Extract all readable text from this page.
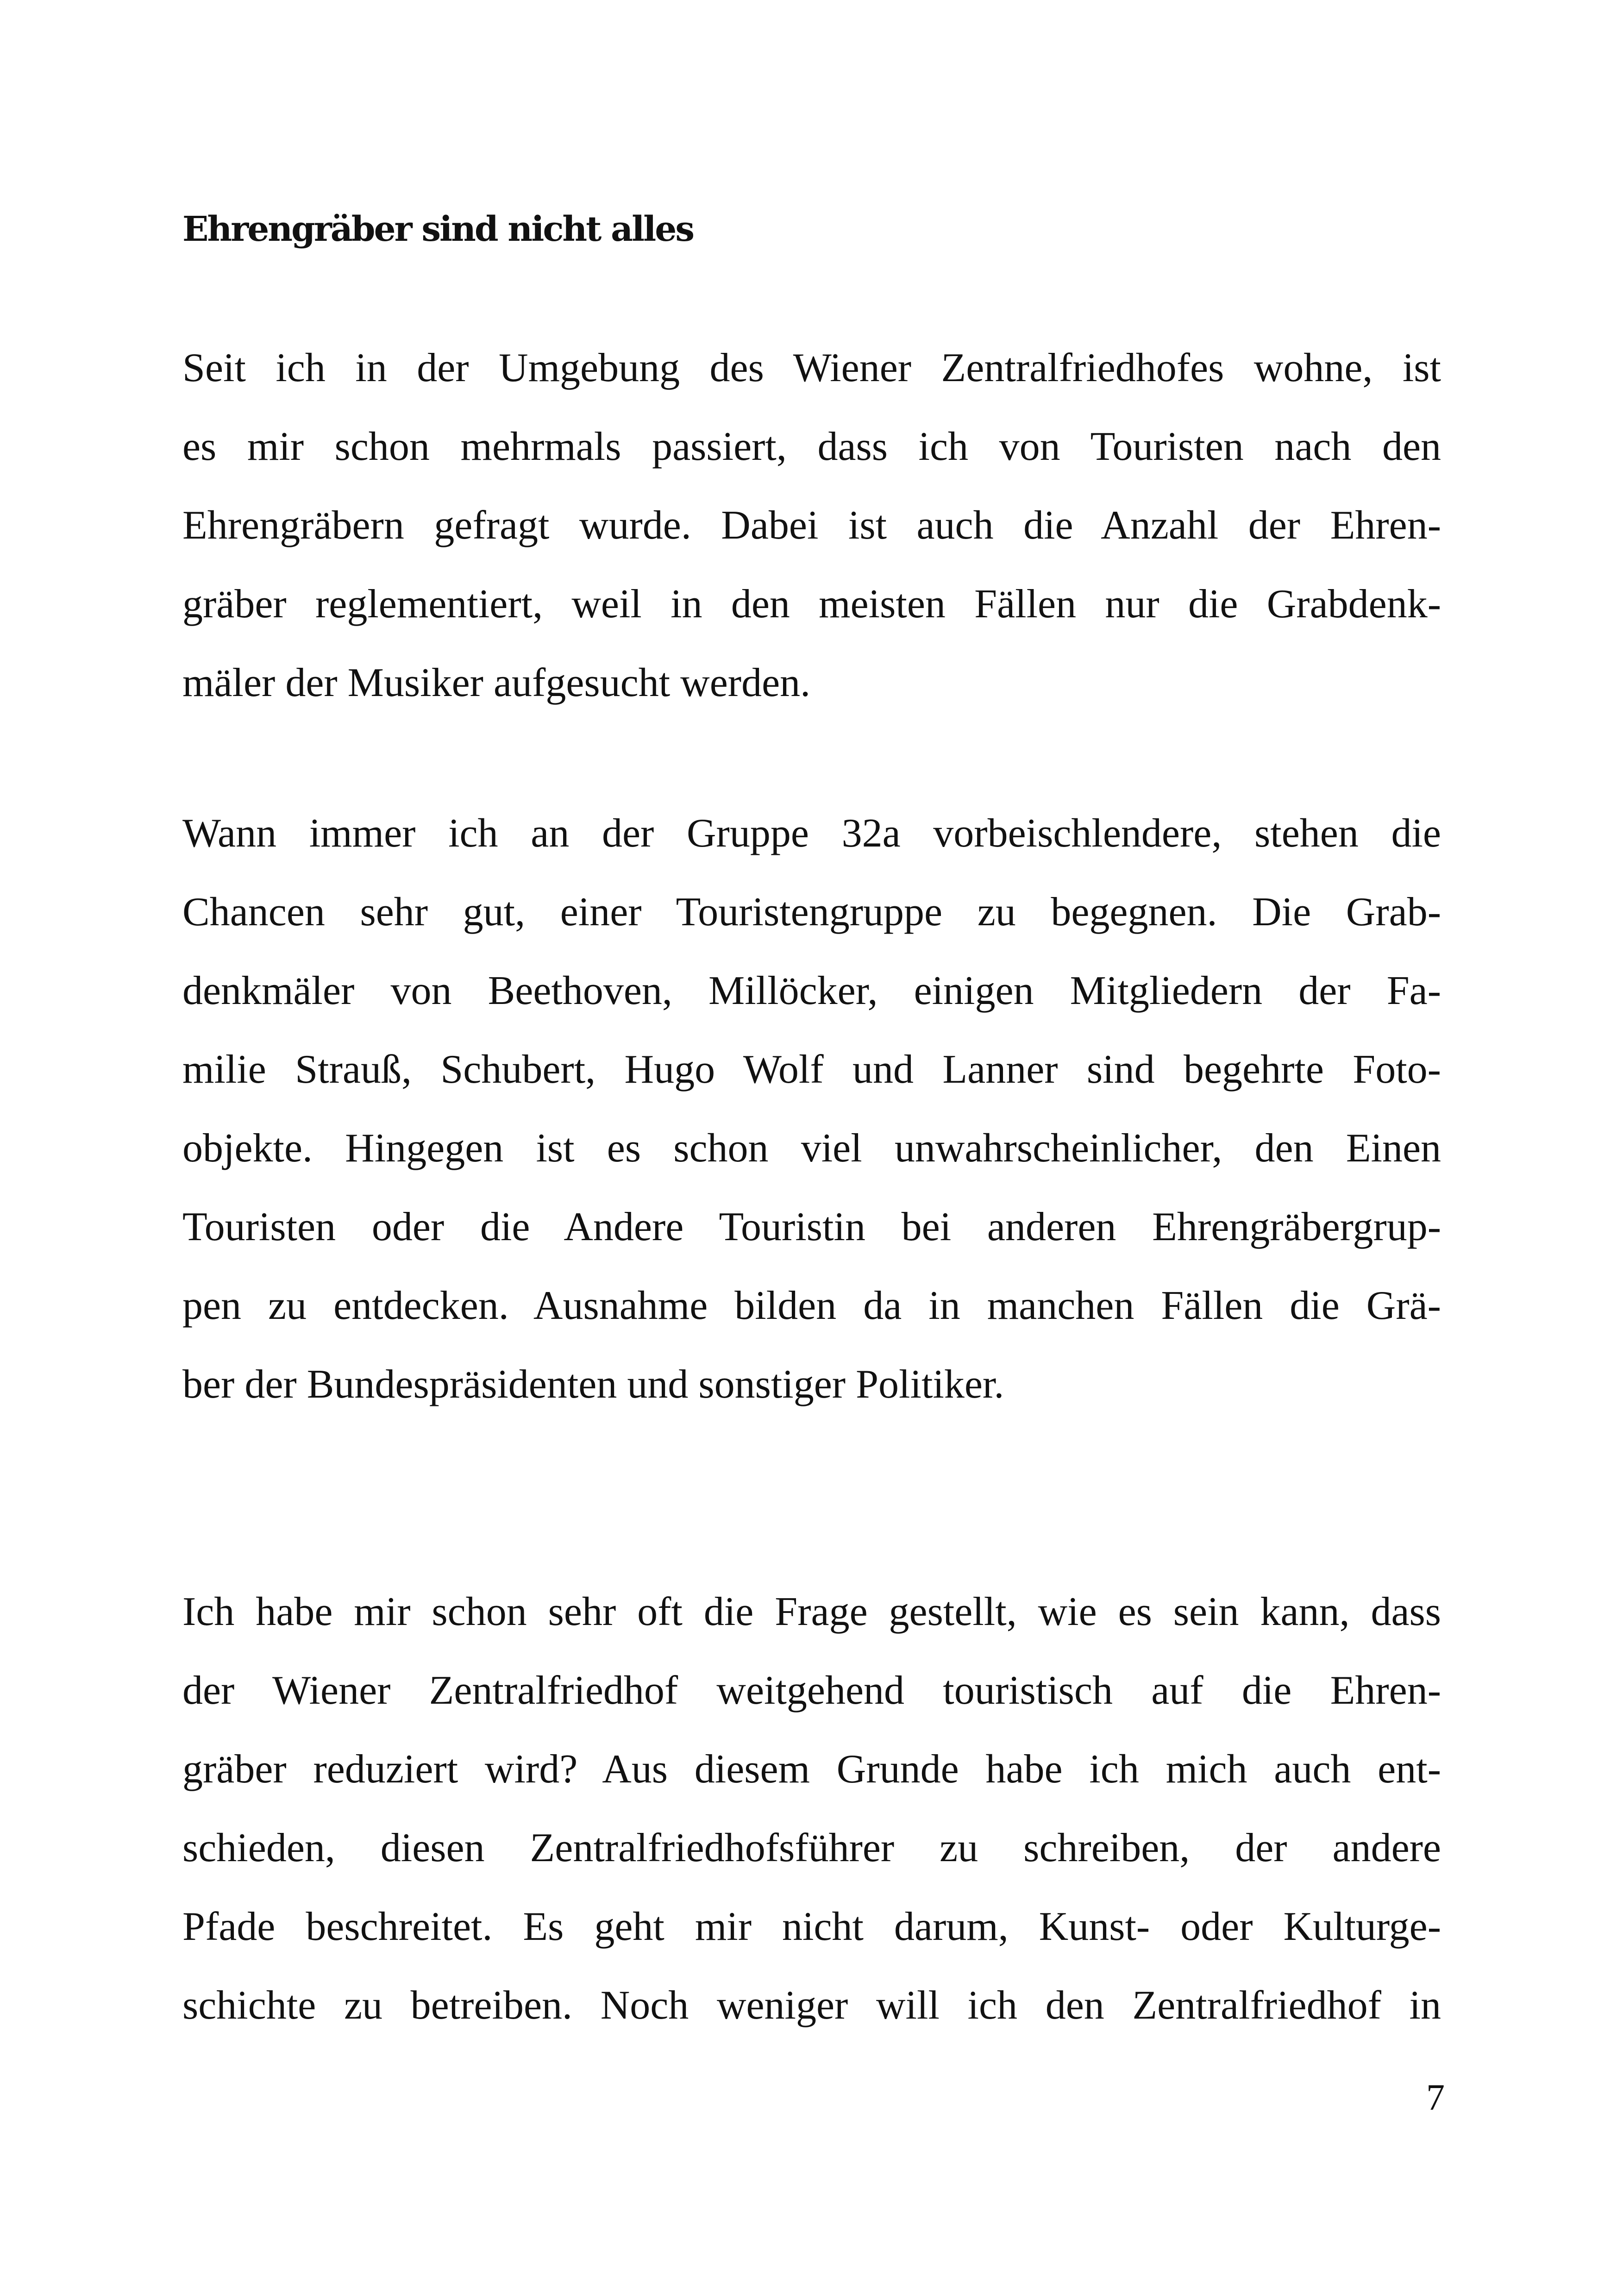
Ehrengräber sind nicht alles
Seit ich in der Umgebung des Wiener Zentralfriedhofes wohne, ist
es mir schon mehrmals passiert, dass ich von Touristen nach den
Ehrengräbern gefragt wurde. Dabei ist auch die Anzahl der Ehren-
gräber reglementiert, weil in den meisten Fällen nur die Grabdenk-
mäler der Musiker aufgesucht werden.
Wann immer ich an der Gruppe 32a vorbeischlendere, stehen die
Chancen sehr gut, einer Touristengruppe zu begegnen. Die Grab-
denkmäler von Beethoven, Millöcker, einigen Mitgliedern der Fa-
milie Strauß, Schubert, Hugo Wolf und Lanner sind begehrte Foto-
objekte. Hingegen ist es schon viel unwahrscheinlicher, den Einen
Touristen oder die Andere Touristin bei anderen Ehrengräbergrup-
pen zu entdecken. Ausnahme bilden da in manchen Fällen die Grä-
ber der Bundespräsidenten und sonstiger Politiker.
Ich habe mir schon sehr oft die Frage gestellt, wie es sein kann, dass
der Wiener Zentralfriedhof weitgehend touristisch auf die Ehren-
gräber reduziert wird? Aus diesem Grunde habe ich mich auch ent-
schieden, diesen Zentralfriedhofsführer zu schreiben, der andere
Pfade beschreitet. Es geht mir nicht darum, Kunst- oder Kulturge-
schichte zu betreiben. Noch weniger will ich den Zentralfriedhof in
7
